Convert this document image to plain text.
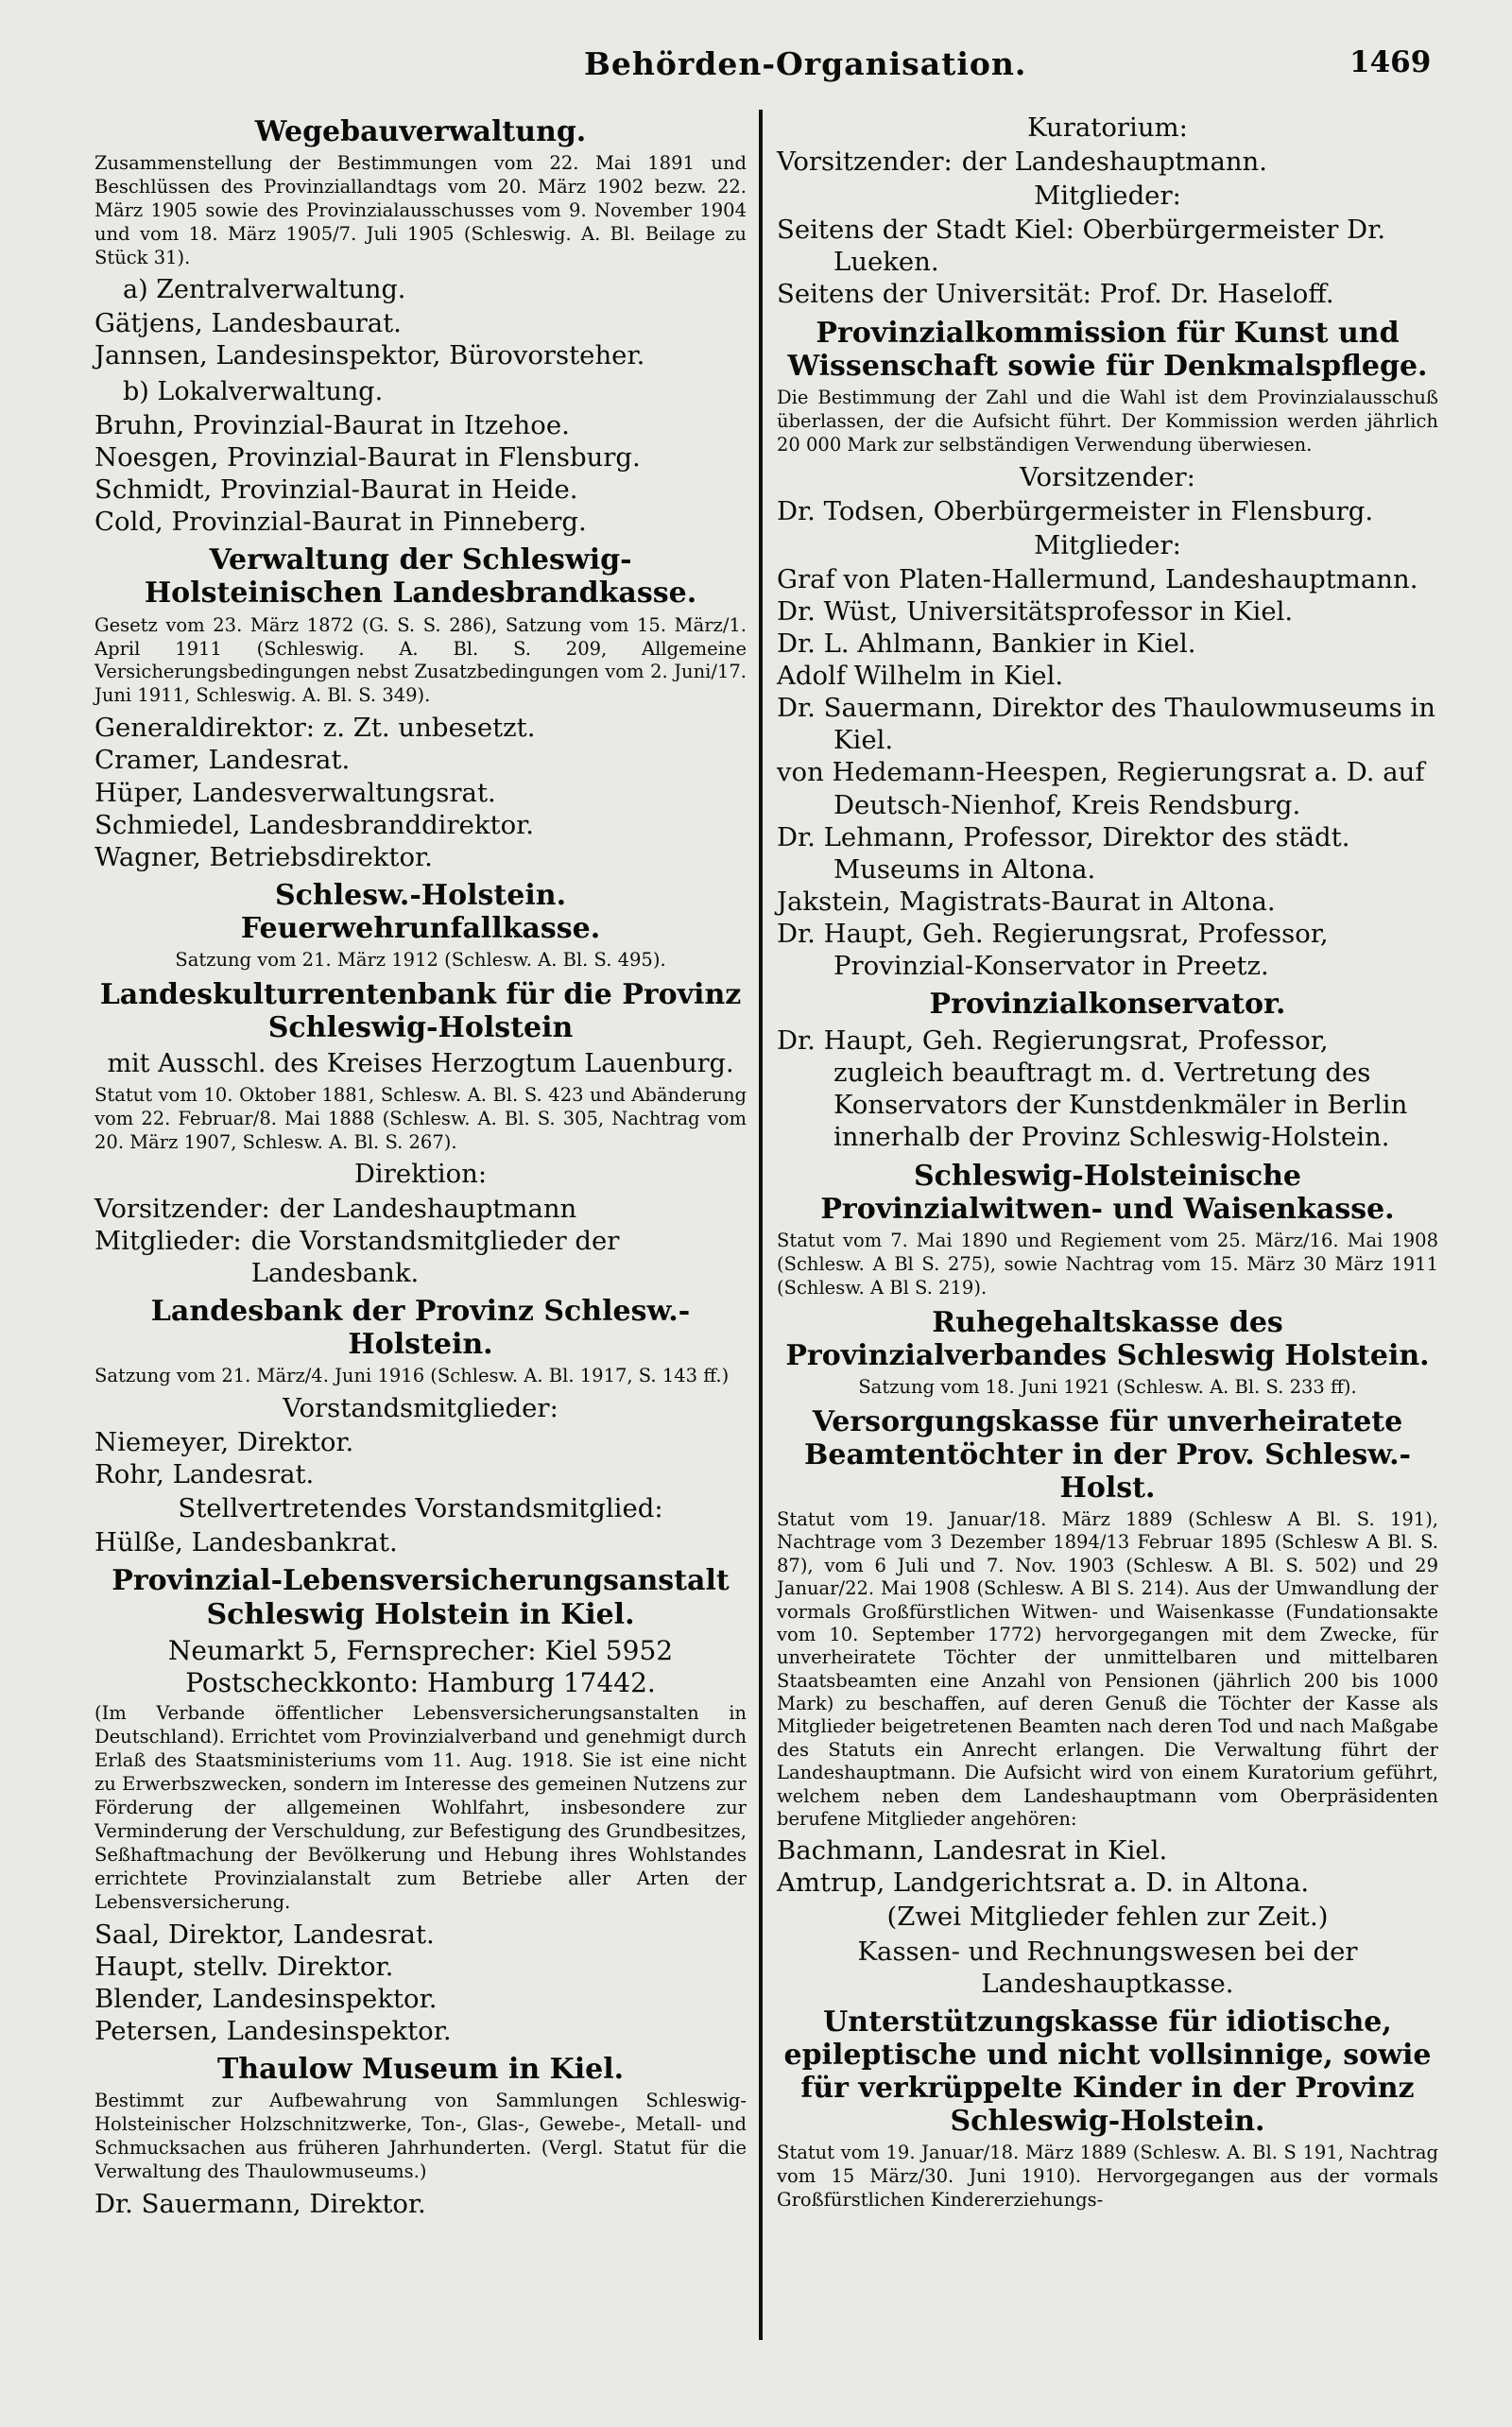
Behörden-Organisation.	1469
Wegebauverwaltung.
Zusammenstellung der Bestimmungen vom 22. Mai 1891 und Beschlüssen des Provinziallandtags vom 20. März 1902 bezw. 22. März 1905 sowie des Provinzialausschusses vom 9. November 1904 und vom 18. März 1905/7. Juli 1905 (Schleswig. A. Bl. Beilage zu Stück 31).
a) Zentralverwaltung.
Gätjens, Landesbaurat.
Jannsen, Landesinspektor, Bürovorsteher.
b) Lokalverwaltung.
Bruhn, Provinzial-Baurat in Itzehoe.
Noesgen, Provinzial-Baurat in Flensburg.
Schmidt, Provinzial-Baurat in Heide.
Cold, Provinzial-Baurat in Pinneberg.
Verwaltung der Schleswig-Holsteinischen Landesbrandkasse.
Gesetz vom 23. März 1872 (G. S. S. 286), Satzung vom 15. März/1. April 1911 (Schleswig. A. Bl. S. 209, Allgemeine Versicherungsbedingungen nebst Zusatzbedingungen vom 2. Juni/17. Juni 1911, Schleswig. A. Bl. S. 349).
Generaldirektor: z. Zt. unbesetzt.
Cramer, Landesrat.
Hüper, Landesverwaltungsrat.
Schmiedel, Landesbranddirektor.
Wagner, Betriebsdirektor.
Schlesw.-Holstein. Feuerwehrunfallkasse.
Satzung vom 21. März 1912 (Schlesw. A. Bl. S. 495).
Landeskulturrentenbank für die Provinz Schleswig-Holstein
mit Ausschl. des Kreises Herzogtum Lauenburg.
Statut vom 10. Oktober 1881, Schlesw. A. Bl. S. 423 und Abänderung vom 22. Februar/8. Mai 1888 (Schlesw. A. Bl. S. 305, Nachtrag vom 20. März 1907, Schlesw. A. Bl. S. 267).
Direktion:
Vorsitzender: der Landeshauptmann
Mitglieder: die Vorstandsmitglieder der Landesbank.
Landesbank der Provinz Schlesw.-Holstein.
Satzung vom 21. März/4. Juni 1916 (Schlesw. A. Bl. 1917, S. 143 ff.)
Vorstandsmitglieder:
Niemeyer, Direktor.
Rohr, Landesrat.
Stellvertretendes Vorstandsmitglied:
Hülße, Landesbankrat.
Provinzial-Lebensversicherungsanstalt Schleswig Holstein in Kiel.
Neumarkt 5, Fernsprecher: Kiel 5952
Postscheckkonto: Hamburg 17442.
(Im Verbande öffentlicher Lebensversicherungsanstalten in Deutschland). Errichtet vom Provinzialverband und genehmigt durch Erlaß des Staatsministeriums vom 11. Aug. 1918. Sie ist eine nicht zu Erwerbszwecken, sondern im Interesse des gemeinen Nutzens zur Förderung der allgemeinen Wohlfahrt, insbesondere zur Verminderung der Verschuldung, zur Befestigung des Grundbesitzes, Seßhaftmachung der Bevölkerung und Hebung ihres Wohlstandes errichtete Provinzialanstalt zum Betriebe aller Arten der Lebensversicherung.
Saal, Direktor, Landesrat.
Haupt, stellv. Direktor.
Blender, Landesinspektor.
Petersen, Landesinspektor.
Thaulow Museum in Kiel.
Bestimmt zur Aufbewahrung von Sammlungen Schleswig-Holsteinischer Holzschnitzwerke, Ton-, Glas-, Gewebe-, Metall- und Schmucksachen aus früheren Jahrhunderten. (Vergl. Statut für die Verwaltung des Thaulowmuseums.)
Dr. Sauermann, Direktor.
Kuratorium:
Vorsitzender: der Landeshauptmann.
Mitglieder:
Seitens der Stadt Kiel: Oberbürgermeister Dr. Lueken.
Seitens der Universität: Prof. Dr. Haseloff.
Provinzialkommission für Kunst und Wissenschaft sowie für Denkmalspflege.
Die Bestimmung der Zahl und die Wahl ist dem Provinzialausschuß überlassen, der die Aufsicht führt. Der Kommission werden jährlich 20 000 Mark zur selbständigen Verwendung überwiesen.
Vorsitzender:
Dr. Todsen, Oberbürgermeister in Flensburg.
Mitglieder:
Graf von Platen-Hallermund, Landeshauptmann.
Dr. Wüst, Universitätsprofessor in Kiel.
Dr. L. Ahlmann, Bankier in Kiel.
Adolf Wilhelm in Kiel.
Dr. Sauermann, Direktor des Thaulowmuseums in Kiel.
von Hedemann-Heespen, Regierungsrat a. D. auf Deutsch-Nienhof, Kreis Rendsburg.
Dr. Lehmann, Professor, Direktor des städt. Museums in Altona.
Jakstein, Magistrats-Baurat in Altona.
Dr. Haupt, Geh. Regierungsrat, Professor, Provinzial-Konservator in Preetz.
Provinzialkonservator.
Dr. Haupt, Geh. Regierungsrat, Professor, zugleich beauftragt m. d. Vertretung des Konservators der Kunstdenkmäler in Berlin innerhalb der Provinz Schleswig-Holstein.
Schleswig-Holsteinische Provinzialwitwen- und Waisenkasse.
Statut vom 7. Mai 1890 und Regiement vom 25. März/16. Mai 1908 (Schlesw. A Bl S. 275), sowie Nachtrag vom 15. März 30 März 1911 (Schlesw. A Bl S. 219).
Ruhegehaltskasse des Provinzialverbandes Schleswig Holstein.
Satzung vom 18. Juni 1921 (Schlesw. A. Bl. S. 233 ff).
Versorgungskasse für unverheiratete Beamtentöchter in der Prov. Schlesw.-Holst.
Statut vom 19. Januar/18. März 1889 (Schlesw A Bl. S. 191), Nachtrage vom 3 Dezember 1894/13 Februar 1895 (Schlesw A Bl. S. 87), vom 6 Juli und 7. Nov. 1903 (Schlesw. A Bl. S. 502) und 29 Januar/22. Mai 1908 (Schlesw. A Bl S. 214). Aus der Umwandlung der vormals Großfürstlichen Witwen- und Waisenkasse (Fundationsakte vom 10. September 1772) hervorgegangen mit dem Zwecke, für unverheiratete Töchter der unmittelbaren und mittelbaren Staatsbeamten eine Anzahl von Pensionen (jährlich 200 bis 1000 Mark) zu beschaffen, auf deren Genuß die Töchter der Kasse als Mitglieder beigetretenen Beamten nach deren Tod und nach Maßgabe des Statuts ein Anrecht erlangen. Die Verwaltung führt der Landeshauptmann. Die Aufsicht wird von einem Kuratorium geführt, welchem neben dem Landeshauptmann vom Oberpräsidenten berufene Mitglieder angehören:
Bachmann, Landesrat in Kiel.
Amtrup, Landgerichtsrat a. D. in Altona.
(Zwei Mitglieder fehlen zur Zeit.)
Kassen- und Rechnungswesen bei der Landeshauptkasse.
Unterstützungskasse für idiotische, epileptische und nicht vollsinnige, sowie für verkrüppelte Kinder in der Provinz Schleswig-Holstein.
Statut vom 19. Januar/18. März 1889 (Schlesw. A. Bl. S 191, Nachtrag vom 15 März/30. Juni 1910). Hervorgegangen aus der vormals Großfürstlichen Kindererziehungs-
